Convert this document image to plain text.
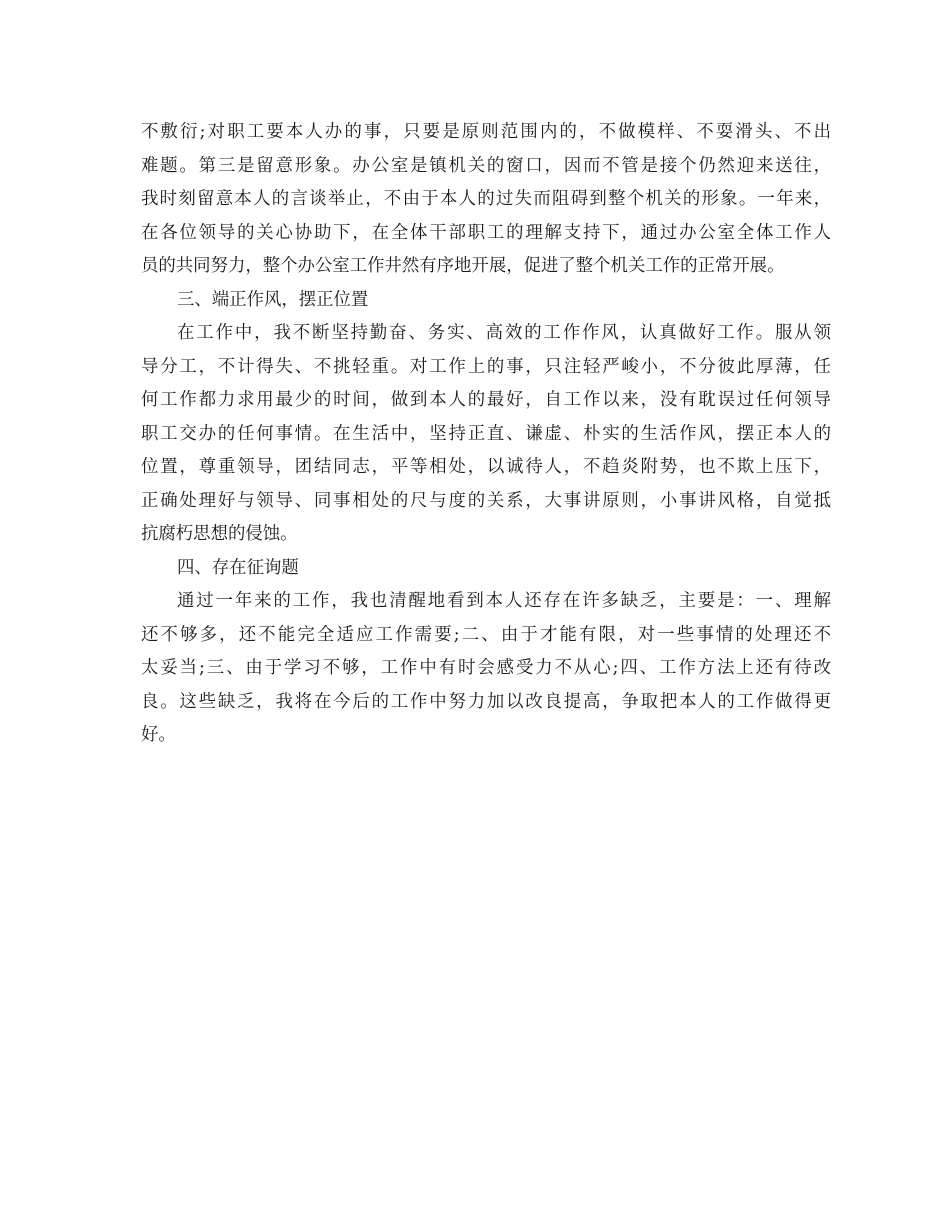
不敷衍;对职工要本人办的事，只要是原则范围内的，不做模样、不耍滑头、不出
难题。第三是留意形象。办公室是镇机关的窗口，因而不管是接个仍然迎来送往，
我时刻留意本人的言谈举止，不由于本人的过失而阻碍到整个机关的形象。一年来，
在各位领导的关心协助下，在全体干部职工的理解支持下，通过办公室全体工作人
员的共同努力，整个办公室工作井然有序地开展，促进了整个机关工作的正常开展。
三、端正作风，摆正位置
在工作中，我不断坚持勤奋、务实、高效的工作作风，认真做好工作。服从领
导分工，不计得失、不挑轻重。对工作上的事，只注轻严峻小，不分彼此厚薄，任
何工作都力求用最少的时间，做到本人的最好，自工作以来，没有耽误过任何领导
职工交办的任何事情。在生活中，坚持正直、谦虚、朴实的生活作风，摆正本人的
位置，尊重领导，团结同志，平等相处，以诚待人，不趋炎附势，也不欺上压下，
正确处理好与领导、同事相处的尺与度的关系，大事讲原则，小事讲风格，自觉抵
抗腐朽思想的侵蚀。
四、存在征询题
通过一年来的工作，我也清醒地看到本人还存在许多缺乏，主要是：一、理解
还不够多，还不能完全适应工作需要;二、由于才能有限，对一些事情的处理还不
太妥当;三、由于学习不够，工作中有时会感受力不从心;四、工作方法上还有待改
良。这些缺乏，我将在今后的工作中努力加以改良提高，争取把本人的工作做得更
好。
